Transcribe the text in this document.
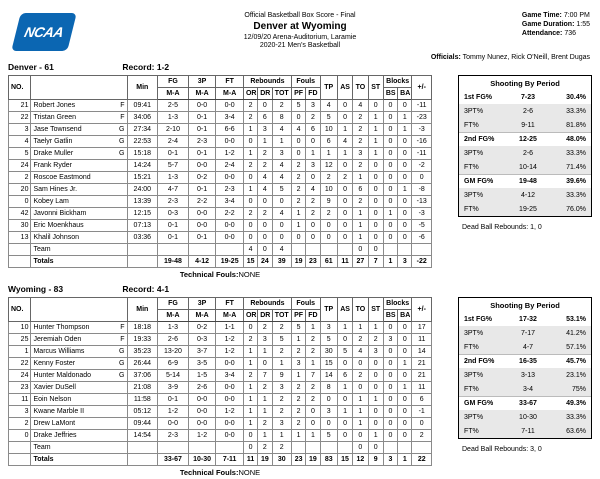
NCAA
Official Basketball Box Score - Final
Denver at Wyoming
12/09/20 Arena-Auditorium, Laramie
2020-21 Men's Basketball
Game Time: 7:00 PM
Game Duration: 1:55
Attendance: 736
Officials: Tommy Nunez, Rick O'Neill, Brent Dugas
Denver - 61	Record: 1-2
NO.		Min	FG	3P	FT	Rebounds			Fouls		TP	AS	TO	ST	Blocks		+/-
			M-A	M-A	M-A	OR	DR	TOT	PF	FD					BS	BA	
21	Robert Jones F	09:41	2-5	0-0	0-0	2	0	2	5	3	4	0	4	0	0	0	-11
22	Tristan Green F	34:06	1-3	0-1	3-4	2	6	8	0	2	5	0	2	1	0	1	-23
3	Jase Townsend G	27:34	2-10	0-1	6-6	1	3	4	4	6	10	1	2	1	0	1	-3
4	Taelyr Gatlin G	22:53	2-4	2-3	0-0	0	1	1	0	0	6	4	2	1	0	0	-16
5	Drake Muller G	15:18	0-1	0-1	1-2	1	2	3	0	1	1	1	3	1	0	0	-11
24	Frank Ryder	14:24	5-7	0-0	2-4	2	2	4	2	3	12	0	2	0	0	0	-2
2	Roscoe Eastmond	15:21	1-3	0-2	0-0	0	4	4	2	0	2	2	1	0	0	0	0
20	Sam Hines Jr.	24:00	4-7	0-1	2-3	1	4	5	2	4	10	0	6	0	0	1	-8
0	Kobey Lam	13:39	2-3	2-2	3-4	0	0	0	2	2	9	0	2	0	0	0	-13
42	Javonni Bickham	12:15	0-3	0-0	2-2	2	2	4	1	2	2	0	1	0	1	0	-3
30	Eric Moenkhaus	07:13	0-1	0-0	0-0	0	0	0	1	0	0	0	1	0	0	0	-5
13	Khalil Johnson	03:36	0-1	0-1	0-0	0	0	0	0	0	0	0	1	0	0	0	-6
	Team					4	0	4					0	0			
	Totals		19-48	4-12	19-25	15	24	39	19	23	61	11	27	7	1	3	-22
Technical Fouls:NONE
Wyoming - 83	Record: 4-1
NO.		Min	FG	3P	FT	Rebounds			Fouls		TP	AS	TO	ST	Blocks		+/-
			M-A	M-A	M-A	OR	DR	TOT	PF	FD					BS	BA	
10	Hunter Thompson F	18:18	1-3	0-2	1-1	0	2	2	5	1	3	1	1	1	0	0	17
25	Jeremiah Oden F	19:33	2-6	0-3	1-2	2	3	5	1	2	5	0	2	2	3	0	11
1	Marcus Williams G	35:23	13-20	3-7	1-2	1	1	2	2	2	30	5	4	3	0	0	14
22	Kenny Foster G	26:44	6-9	3-5	0-0	1	0	1	3	1	15	0	0	0	0	1	21
24	Hunter Maldonado G	37:06	5-14	1-5	3-4	2	7	9	1	7	14	6	2	0	0	0	21
23	Xavier DuSell	21:08	3-9	2-6	0-0	1	2	3	2	2	8	1	0	0	0	1	11
11	Eoin Nelson	11:58	0-1	0-0	0-0	1	1	2	2	2	0	0	1	1	0	0	6
3	Kwane Marble II	05:12	1-2	0-0	1-2	1	1	2	2	0	3	1	1	0	0	0	-1
2	Drew LaMont	09:44	0-0	0-0	0-0	1	2	3	2	0	0	0	1	0	0	0	0
0	Drake Jeffries	14:54	2-3	1-2	0-0	0	1	1	1	1	5	0	0	1	0	0	2
	Team					0	2	2					0	0			
	Totals		33-67	10-30	7-11	11	19	30	23	19	83	15	12	9	3	1	22
Technical Fouls:NONE
Shooting By Period
1st FG%	7-23	30.4%
3PT%	2-6	33.3%
FT%	9-11	81.8%
2nd FG%	12-25	48.0%
3PT%	2-6	33.3%
FT%	10-14	71.4%
GM FG%	19-48	39.6%
3PT%	4-12	33.3%
FT%	19-25	76.0%
Dead Ball Rebounds: 1, 0
Shooting By Period
1st FG%	17-32	53.1%
3PT%	7-17	41.2%
FT%	4-7	57.1%
2nd FG%	16-35	45.7%
3PT%	3-13	23.1%
FT%	3-4	75%
GM FG%	33-67	49.3%
3PT%	10-30	33.3%
FT%	7-11	63.6%
Dead Ball Rebounds: 3, 0
